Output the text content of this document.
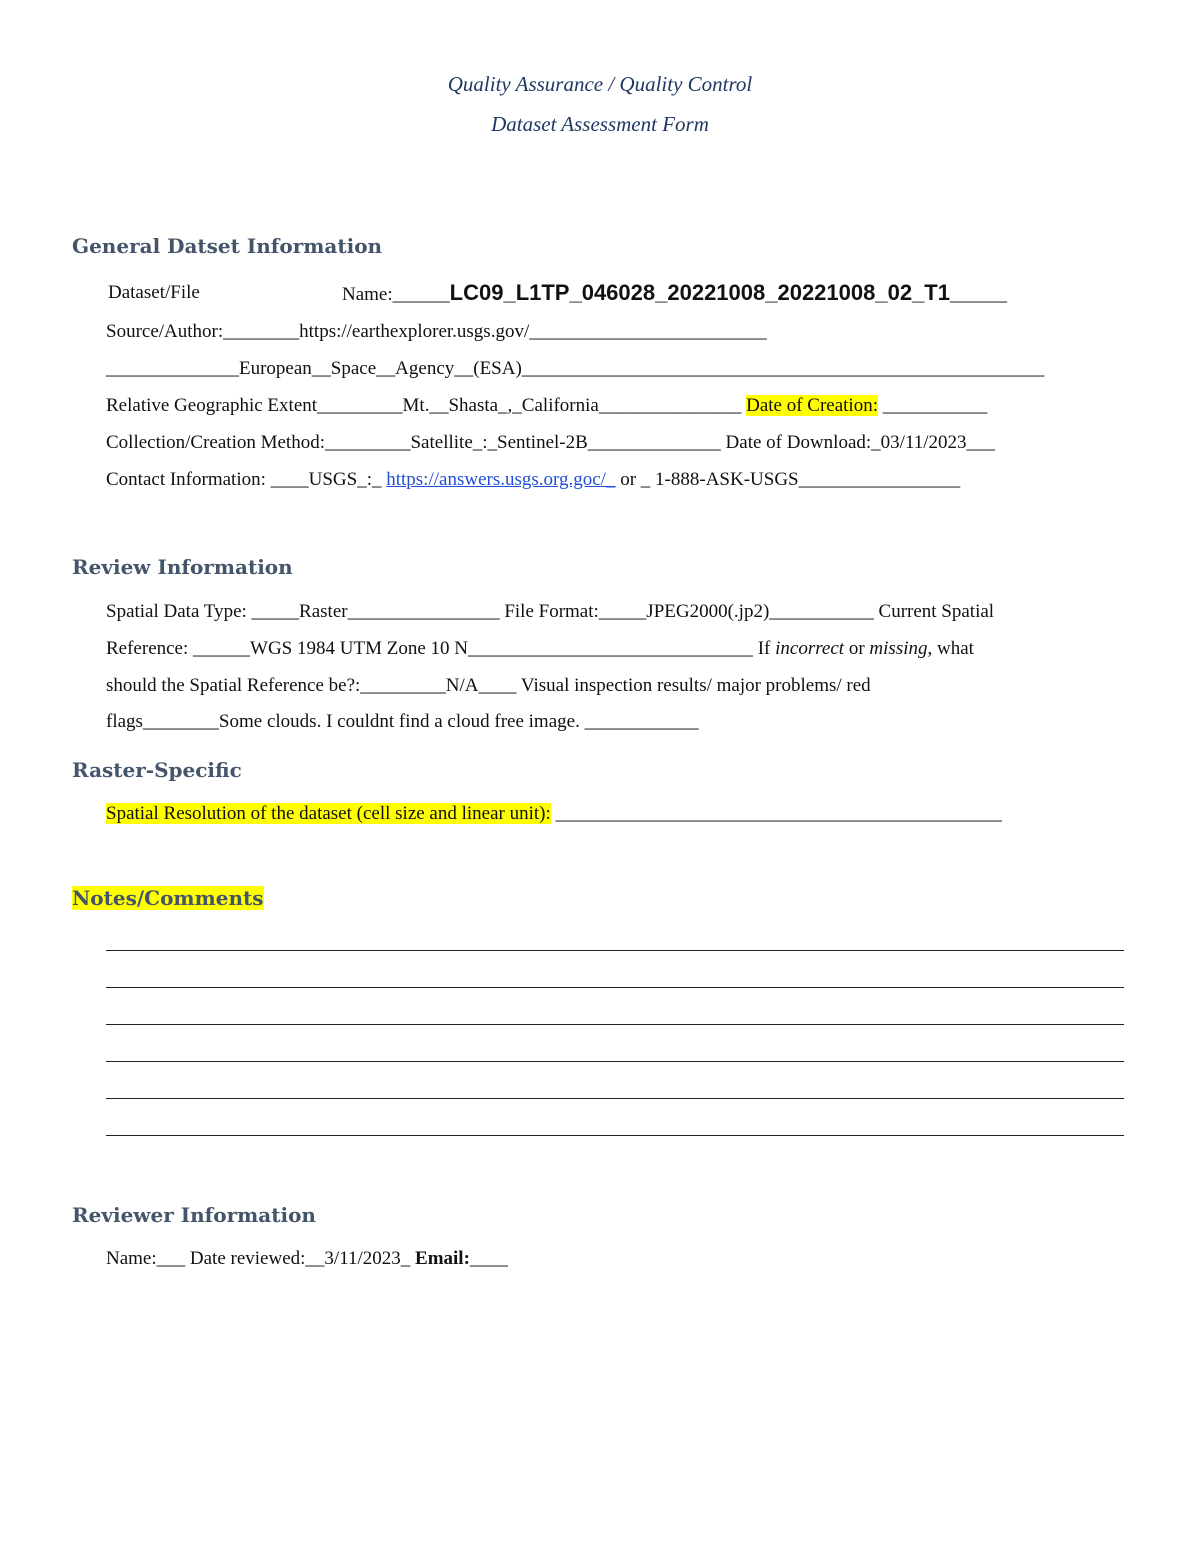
Quality Assurance / Quality Control
Dataset Assessment Form
General Datset Information
Dataset/File	Name:______LC09_L1TP_046028_20221008_20221008_02_T1______
Source/Author:________https://earthexplorer.usgs.gov/_________________________
______________European__Space__Agency__(ESA)_______________________________________________________
Relative Geographic Extent_________Mt.__Shasta_,_California_______________ Date of Creation: ___________
Collection/Creation Method:_________Satellite_:_Sentinel-2B______________ Date of Download:_03/11/2023___
Contact Information: ____USGS_:_ https://answers.usgs.org.goc/_ or _ 1-888-ASK-USGS_________________
Review Information
Spatial Data Type: _____Raster________________ File Format:_____JPEG2000(.jp2)___________ Current Spatial
Reference: ______WGS 1984 UTM Zone 10 N______________________________ If incorrect or missing, what
should the Spatial Reference be?:_________N/A____ Visual inspection results/ major problems/ red
flags________Some clouds. I couldnt find a cloud free image. ____________
Raster-Specific
Spatial Resolution of the dataset (cell size and linear unit): _______________________________________________
Notes/Comments
Reviewer Information
Name:___ Date reviewed:__3/11/2023_ Email:____
